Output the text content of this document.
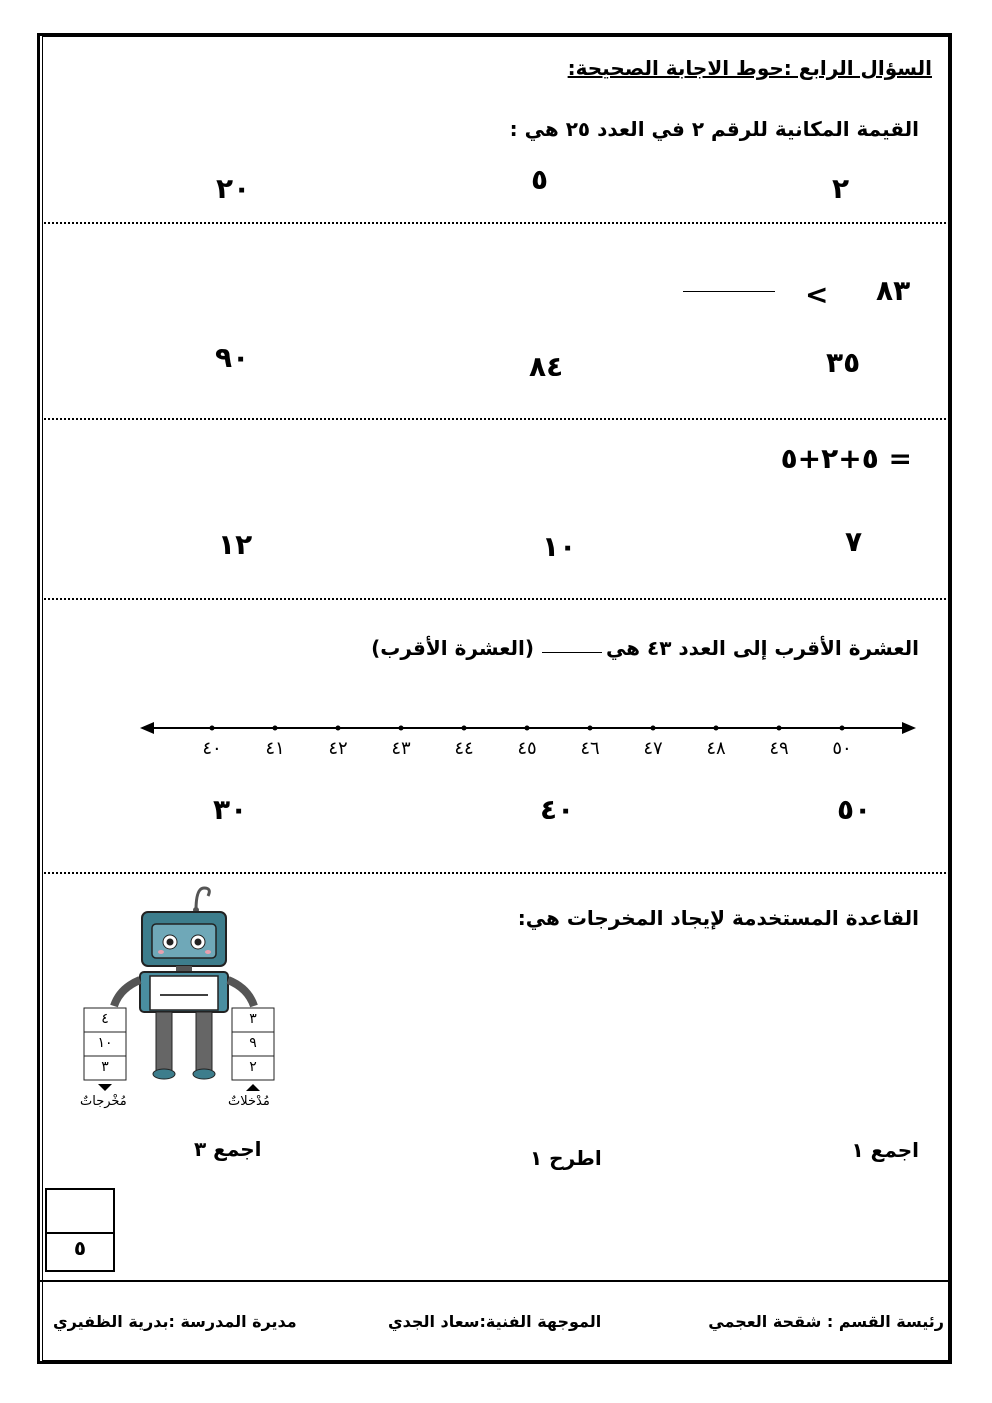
السؤال الرابع :حوط الاجابة الصحيحة:
القيمة المكانية للرقم ٢ في العدد ٢٥ هي :
٢
٥
٢٠
٨٣
<
٣٥
٨٤
٩٠
= ٥+٢+٥
٧
١٠
١٢
العشرة الأقرب إلى العدد ٤٣ هي
(العشرة الأقرب)
٥٠
٤٩
٤٨
٤٧
٤٦
٤٥
٤٤
٤٣
٤٢
٤١
٤٠
٥٠
٤٠
٣٠
القاعدة المستخدمة لإيجاد المخرجات هي:
٤
١٠
٣
٣
٩
٢
مُخْرجاتٌ	مُدْخلاتٌ
اجمع ١
اطرح ١
اجمع ٣
٥
رئيسة القسم : شقحة العجمي
الموجهة الفنية:سعاد الجدي
مديرة المدرسة :بدرية الظفيري
